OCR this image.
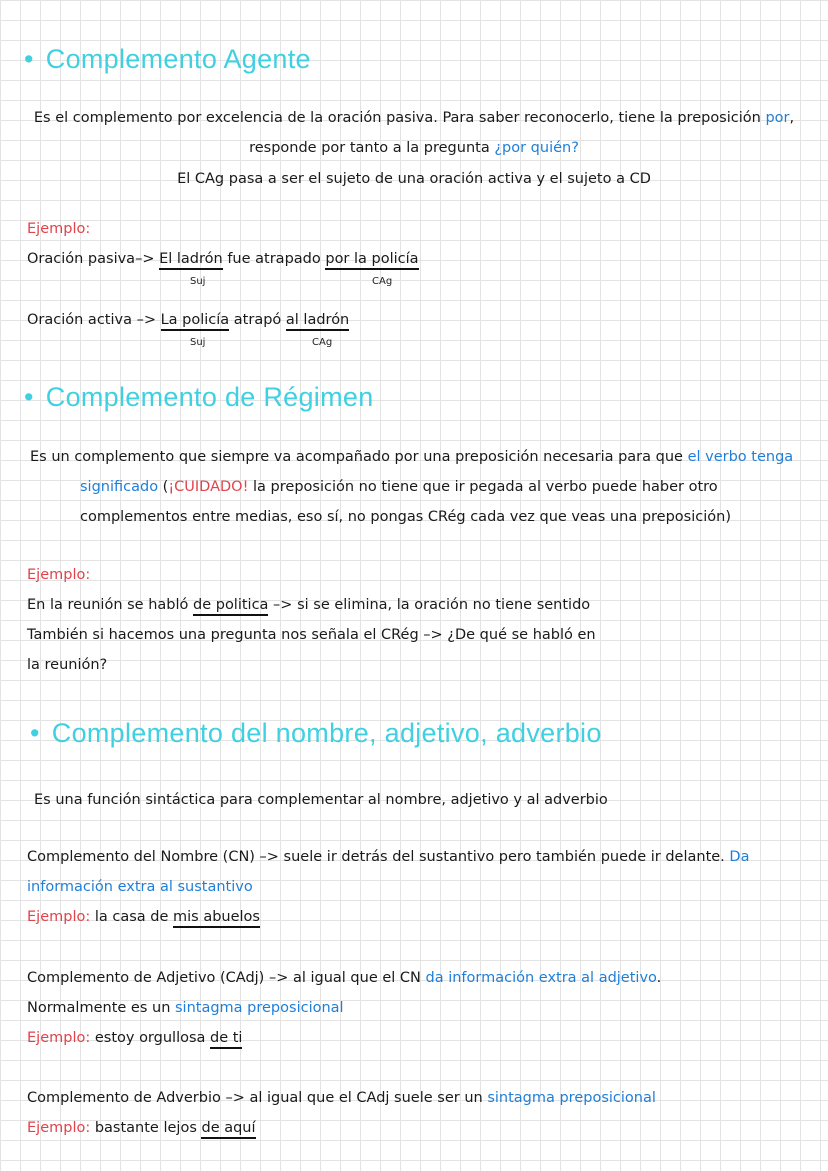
• Complemento Agente
Es el complemento por excelencia de la oración pasiva. Para saber reconocerlo, tiene la preposición por,
responde por tanto a la pregunta ¿por quién?
El CAg pasa a ser el sujeto de una oración activa y el sujeto a CD
Ejemplo:
Oración pasiva–> El ladrón fue atrapado por la policía
Suj	CAg
Oración activa –> La policía atrapó al ladrón
Suj	CAg
• Complemento de Régimen
Es un complemento que siempre va acompañado por una preposición necesaria para que el verbo tenga
significado (¡CUIDADO! la preposición no tiene que ir pegada al verbo puede haber otro
complementos entre medias, eso sí, no pongas CRég cada vez que veas una preposición)
Ejemplo:
En la reunión se habló de politica –> si se elimina, la oración no tiene sentido
También si hacemos una pregunta nos señala el CRég –> ¿De qué se habló en
la reunión?
• Complemento del nombre, adjetivo, adverbio
Es una función sintáctica para complementar al nombre, adjetivo y al adverbio
Complemento del Nombre (CN) –> suele ir detrás del sustantivo pero también puede ir delante. Da
información extra al sustantivo
Ejemplo: la casa de mis abuelos
Complemento de Adjetivo (CAdj) –> al igual que el CN da información extra al adjetivo.
Normalmente es un sintagma preposicional
Ejemplo: estoy orgullosa de ti
Complemento de Adverbio –> al igual que el CAdj suele ser un sintagma preposicional
Ejemplo: bastante lejos de aquí
